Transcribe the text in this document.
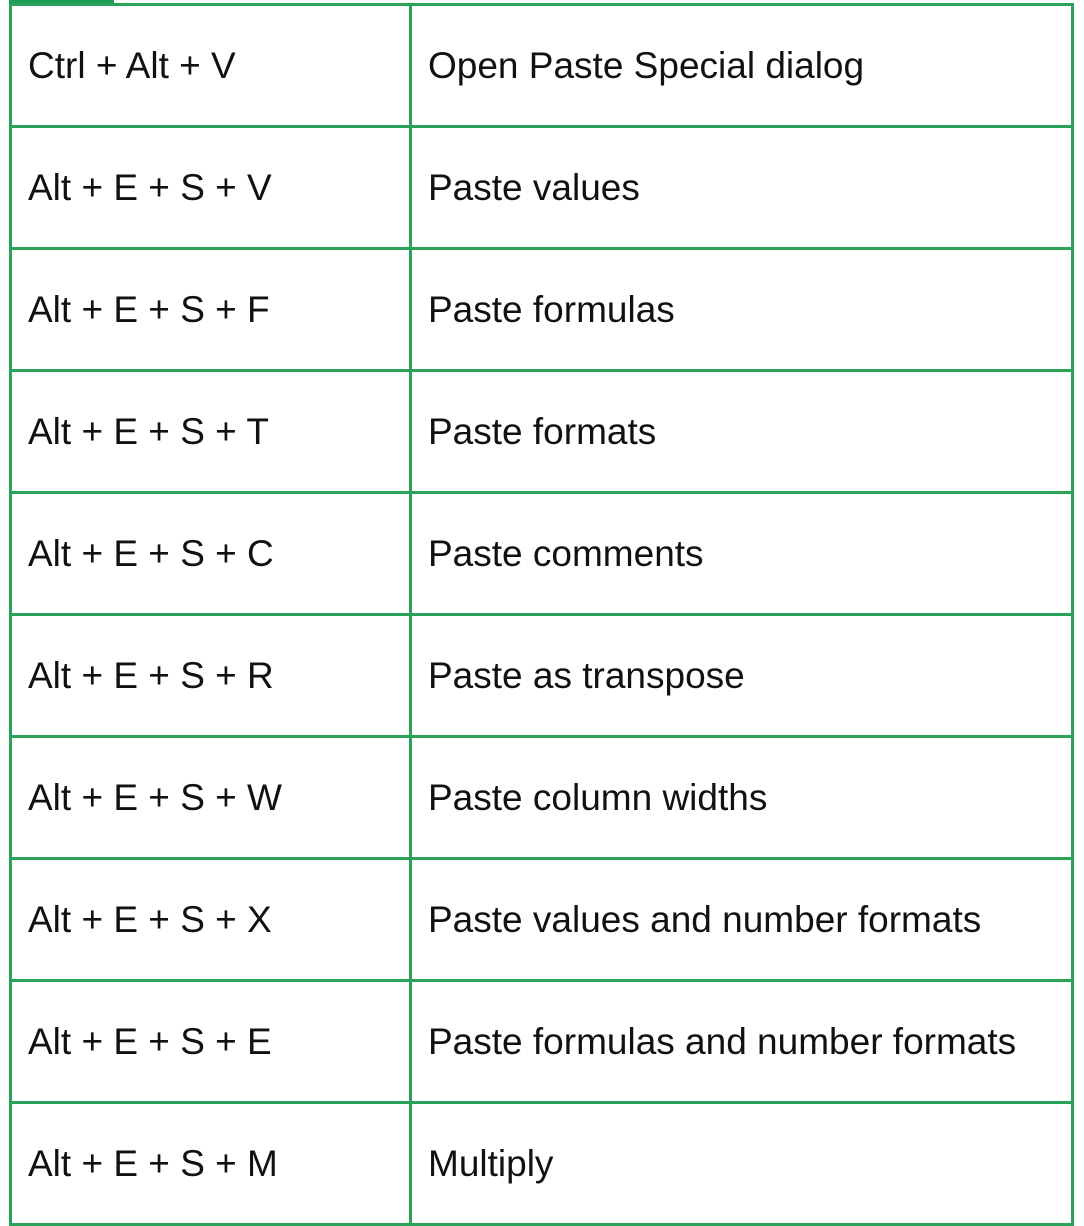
Ctrl + Alt + V	Open Paste Special dialog
Alt + E + S + V	Paste values
Alt + E + S + F	Paste formulas
Alt + E + S + T	Paste formats
Alt + E + S + C	Paste comments
Alt + E + S + R	Paste as transpose
Alt + E + S + W	Paste column widths
Alt + E + S + X	Paste values and number formats
Alt + E + S + E	Paste formulas and number formats
Alt + E + S + M	Multiply
